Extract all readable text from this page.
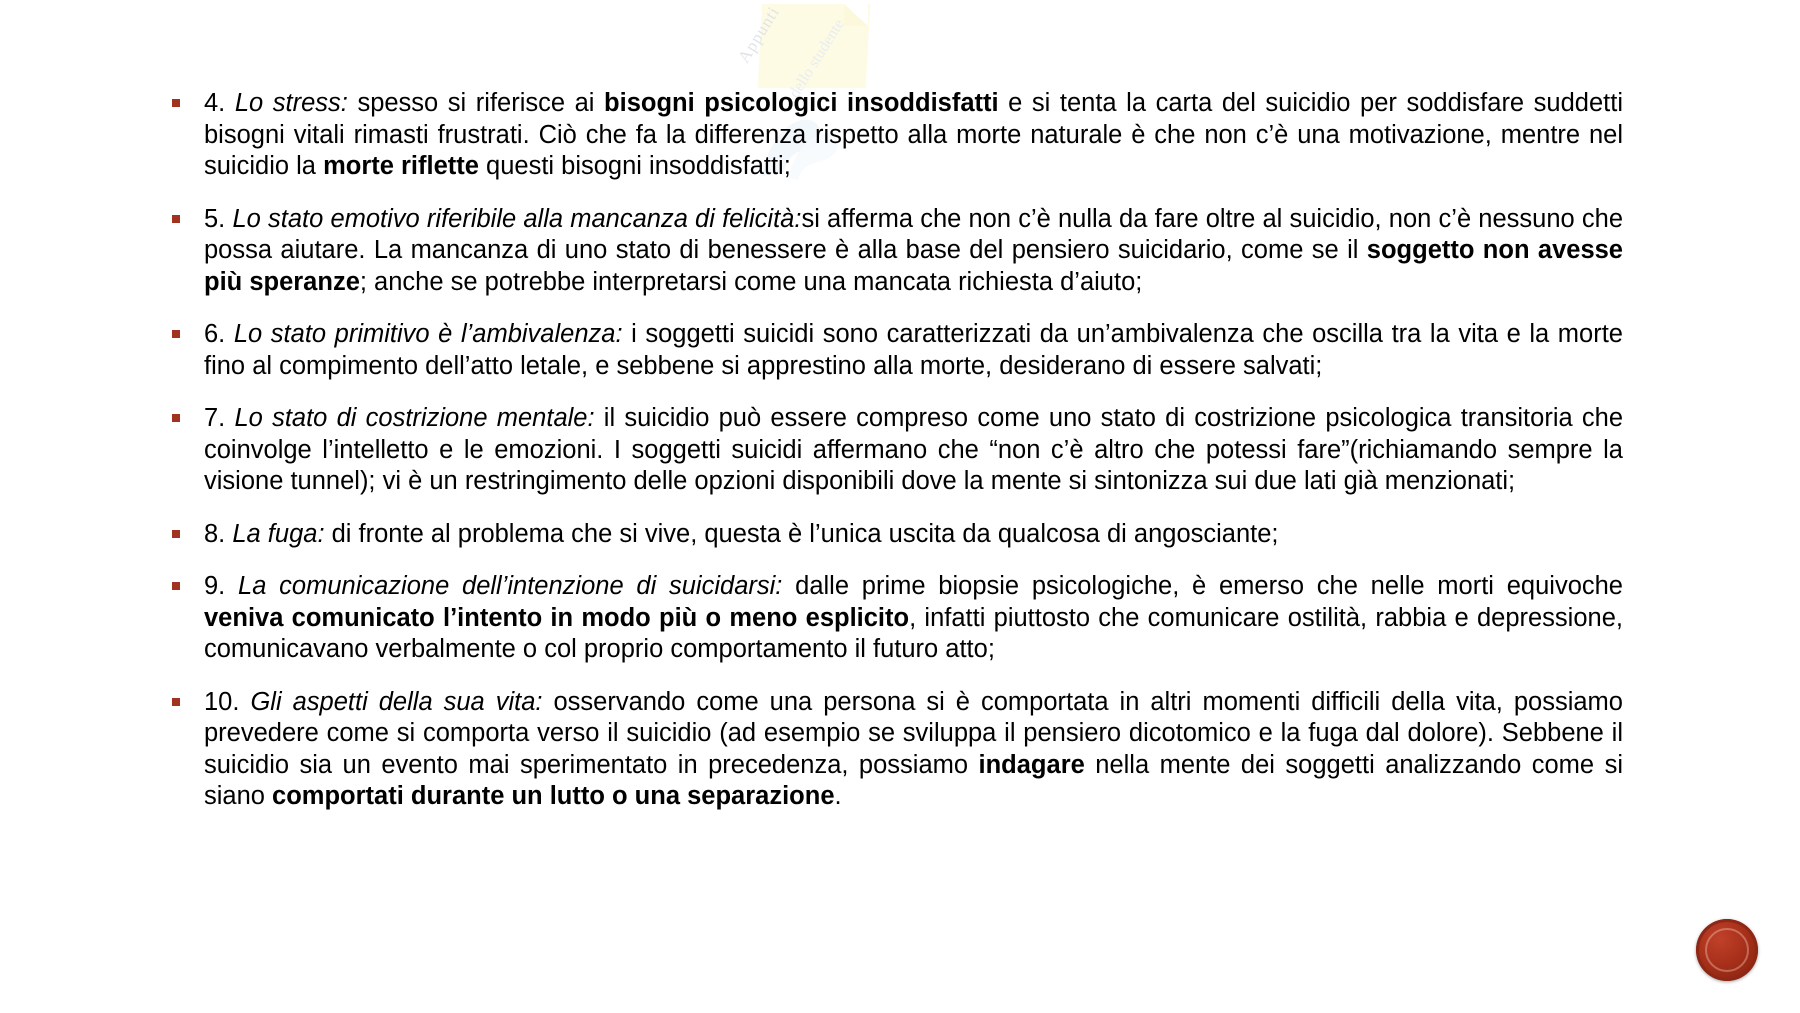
Appunti dello studente
4. Lo stress: spesso si riferisce ai bisogni psicologici insoddisfatti e si tenta la carta del suicidio per soddisfare suddetti bisogni vitali rimasti frustrati. Ciò che fa la differenza rispetto alla morte naturale è che non c’è una motivazione, mentre nel suicidio la morte riflette questi bisogni insoddisfatti;
5. Lo stato emotivo riferibile alla mancanza di felicità:si afferma che non c’è nulla da fare oltre al suicidio, non c’è nessuno che possa aiutare. La mancanza di uno stato di benessere è alla base del pensiero suicidario, come se il soggetto non avesse più speranze; anche se potrebbe interpretarsi come una mancata richiesta d’aiuto;
6. Lo stato primitivo è l’ambivalenza: i soggetti suicidi sono caratterizzati da un’ambivalenza che oscilla tra la vita e la morte fino al compimento dell’atto letale, e sebbene si apprestino alla morte, desiderano di essere salvati;
7. Lo stato di costrizione mentale: il suicidio può essere compreso come uno stato di costrizione psicologica transitoria che coinvolge l’intelletto e le emozioni. I soggetti suicidi affermano che “non c’è altro che potessi fare”(richiamando sempre la visione tunnel); vi è un restringimento delle opzioni disponibili dove la mente si sintonizza sui due lati già menzionati;
8. La fuga: di fronte al problema che si vive, questa è l’unica uscita da qualcosa di angosciante;
9. La comunicazione dell’intenzione di suicidarsi: dalle prime biopsie psicologiche, è emerso che nelle morti equivoche veniva comunicato l’intento in modo più o meno esplicito, infatti piuttosto che comunicare ostilità, rabbia e depressione, comunicavano verbalmente o col proprio comportamento il futuro atto;
10. Gli aspetti della sua vita: osservando come una persona si è comportata in altri momenti difficili della vita, possiamo prevedere come si comporta verso il suicidio (ad esempio se sviluppa il pensiero dicotomico e la fuga dal dolore). Sebbene il suicidio sia un evento mai sperimentato in precedenza, possiamo indagare nella mente dei soggetti analizzando come si siano comportati durante un lutto o una separazione.
